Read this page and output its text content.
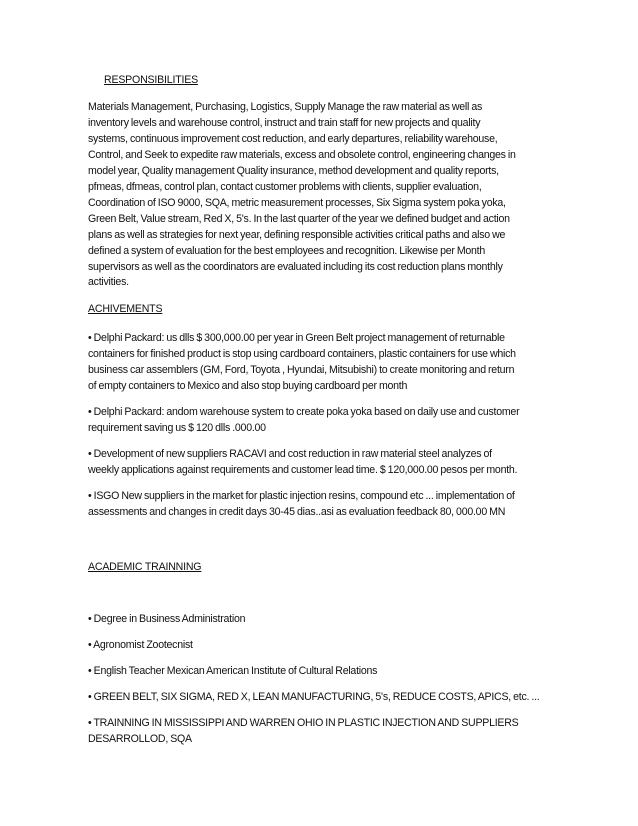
RESPONSIBILITIES
Materials Management, Purchasing, Logistics, Supply Manage the raw material as well as
inventory levels and warehouse control, instruct and train staff for new projects and quality
systems, continuous improvement cost reduction, and early departures, reliability warehouse,
Control, and Seek to expedite raw materials, excess and obsolete control, engineering changes in
model year, Quality management Quality insurance, method development and quality reports,
pfmeas, dfmeas, control plan, contact customer problems with clients, supplier evaluation,
Coordination of ISO 9000, SQA, metric measurement processes, Six Sigma system poka yoka,
Green Belt, Value stream, Red X, 5's. In the last quarter of the year we defined budget and action
plans as well as strategies for next year, defining responsible activities critical paths and also we
defined a system of evaluation for the best employees and recognition. Likewise per Month
supervisors as well as the coordinators are evaluated including its cost reduction plans monthly
activities.
ACHIVEMENTS
• Delphi Packard: us dlls $ 300,000.00 per year in Green Belt project management of returnable
containers for finished product is stop using cardboard containers, plastic containers for use which
business car assemblers (GM, Ford, Toyota , Hyundai, Mitsubishi) to create monitoring and return
of empty containers to Mexico and also stop buying cardboard per month
• Delphi Packard: andom warehouse system to create poka yoka based on daily use and customer
requirement saving us $ 120 dlls .000.00
• Development of new suppliers RACAVI and cost reduction in raw material steel analyzes of
weekly applications against requirements and customer lead time. $ 120,000.00 pesos per month.
• ISGO New suppliers in the market for plastic injection resins, compound etc ... implementation of
assessments and changes in credit days 30-45 dias..asi as evaluation feedback 80, 000.00 MN
ACADEMIC TRAINNING
• Degree in Business Administration
• Agronomist Zootecnist
• English Teacher Mexican American Institute of Cultural Relations
• GREEN BELT, SIX SIGMA, RED X, LEAN MANUFACTURING, 5's, REDUCE COSTS, APICS, etc. ...
• TRAINNING IN MISSISSIPPI AND WARREN OHIO IN PLASTIC INJECTION AND SUPPLIERS
DESARROLLOD, SQA
